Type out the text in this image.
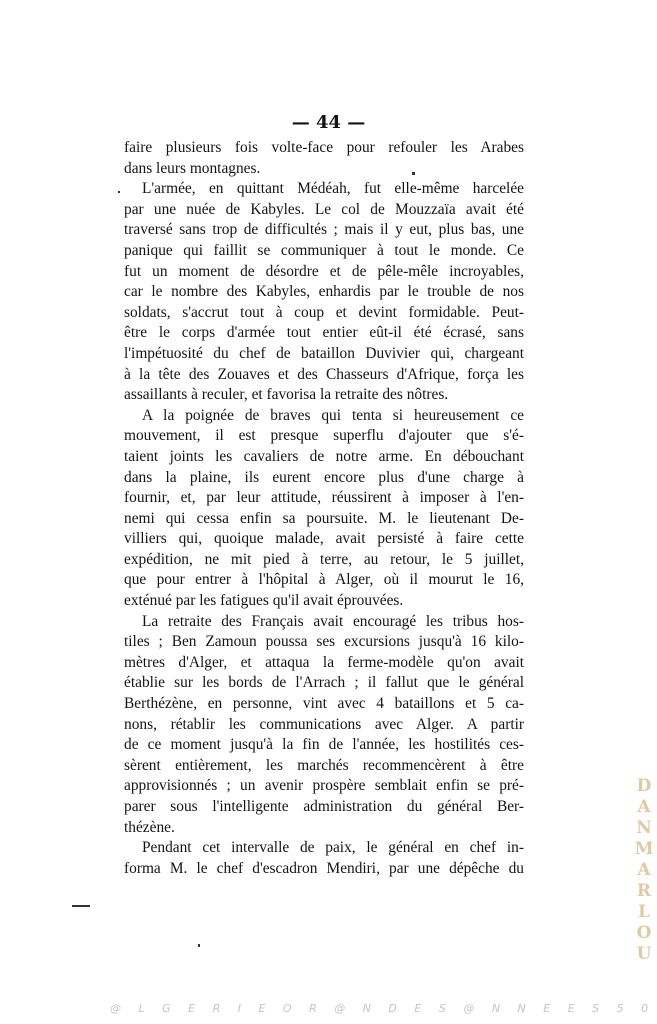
— 44 —
faire plusieurs fois volte-face pour refouler les Arabes
dans leurs montagnes.
L'armée, en quittant Médéah, fut elle-même harcelée
par une nuée de Kabyles. Le col de Mouzzaïa avait été
traversé sans trop de difficultés ; mais il y eut, plus bas, une
panique qui faillit se communiquer à tout le monde. Ce
fut un moment de désordre et de pêle-mêle incroyables,
car le nombre des Kabyles, enhardis par le trouble de nos
soldats, s'accrut tout à coup et devint formidable. Peut-
être le corps d'armée tout entier eût-il été écrasé, sans
l'impétuosité du chef de bataillon Duvivier qui, chargeant
à la tête des Zouaves et des Chasseurs d'Afrique, força les
assaillants à reculer, et favorisa la retraite des nôtres.
A la poignée de braves qui tenta si heureusement ce
mouvement, il est presque superflu d'ajouter que s'é-
taient joints les cavaliers de notre arme. En débouchant
dans la plaine, ils eurent encore plus d'une charge à
fournir, et, par leur attitude, réussirent à imposer à l'en-
nemi qui cessa enfin sa poursuite. M. le lieutenant De-
villiers qui, quoique malade, avait persisté à faire cette
expédition, ne mit pied à terre, au retour, le 5 juillet,
que pour entrer à l'hôpital à Alger, où il mourut le 16,
exténué par les fatigues qu'il avait éprouvées.
La retraite des Français avait encouragé les tribus hos-
tiles ; Ben Zamoun poussa ses excursions jusqu'à 16 kilo-
mètres d'Alger, et attaqua la ferme-modèle qu'on avait
établie sur les bords de l'Arrach ; il fallut que le général
Berthézène, en personne, vint avec 4 bataillons et 5 ca-
nons, rétablir les communications avec Alger. A partir
de ce moment jusqu'à la fin de l'année, les hostilités ces-
sèrent entièrement, les marchés recommencèrent à être
approvisionnés ; un avenir prospère semblait enfin se pré-
parer sous l'intelligente administration du général Ber-
thézène.
Pendant cet intervalle de paix, le général en chef in-
forma M. le chef d'escadron Mendiri, par une dépêche du	DANMARLOU
@ L G E R I E O R @ N D E S @ N N E E S 5 0
